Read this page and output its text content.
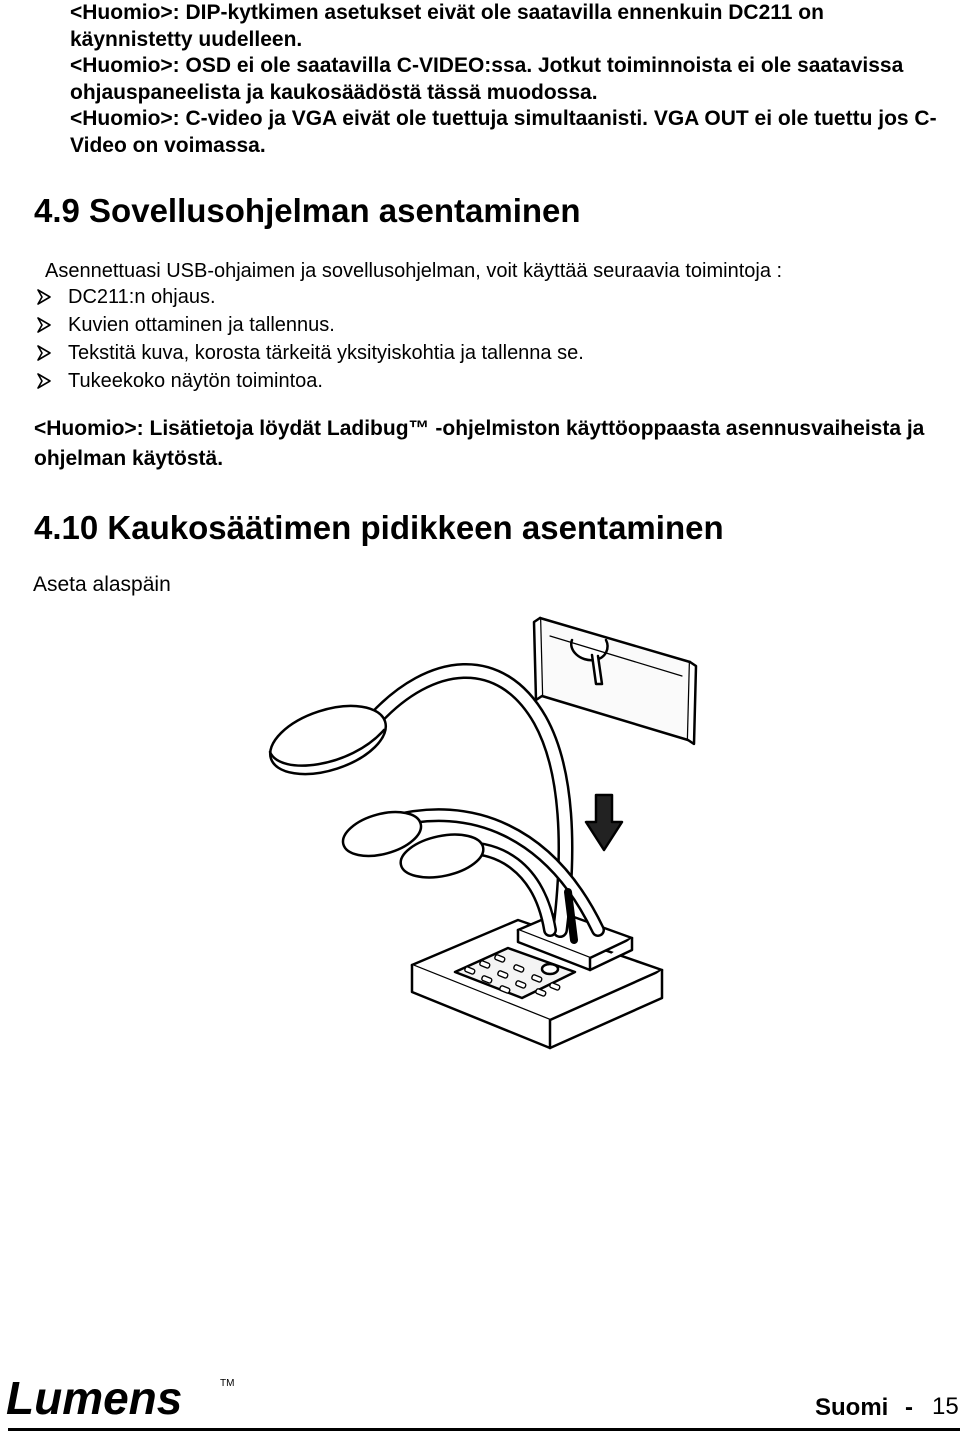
<Huomio>: DIP-kytkimen asetukset eivät ole saatavilla ennenkuin DC211 on käynnistetty uudelleen.

<Huomio>: OSD ei ole saatavilla C-VIDEO:ssa. Jotkut toiminnoista ei ole saatavissa ohjauspaneelista ja kaukosäädöstä tässä muodossa.

<Huomio>: C-video ja VGA eivät ole tuettuja simultaanisti. VGA OUT ei ole tuettu jos C-Video on voimassa.

4.9 Sovellusohjelman asentaminen

Asennettuasi USB-ohjaimen ja sovellusohjelman, voit käyttää seuraavia toimintoja :

DC211:n ohjaus.
Kuvien ottaminen ja tallennus.
Tekstitä kuva, korosta tärkeitä yksityiskohtia ja tallenna se.
Tukeekoko näytön toimintoa.

<Huomio>: Lisätietoja löydät Ladibug™ -ohjelmiston käyttöoppaasta asennusvaiheista ja ohjelman käytöstä.

4.10 Kaukosäätimen pidikkeen asentaminen

Aseta alaspäin

Lumens	TM
Suomi - 15
